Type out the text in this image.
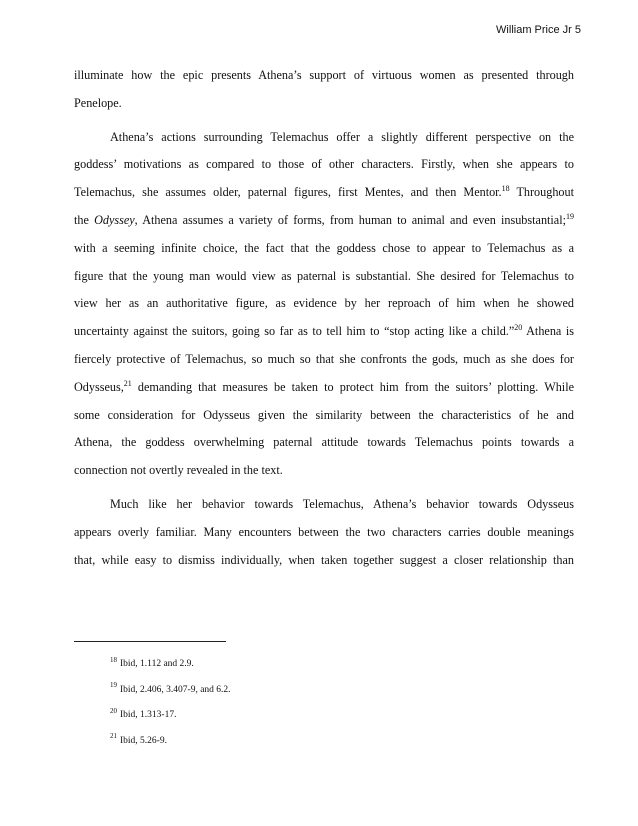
William Price Jr 5
illuminate how the epic presents Athena’s support of virtuous women as presented through
Penelope.
Athena’s actions surrounding Telemachus offer a slightly different perspective on the
goddess’ motivations as compared to those of other characters. Firstly, when she appears to
Telemachus, she assumes older, paternal figures, first Mentes, and then Mentor.$^{18}$ Throughout
the Odyssey, Athena assumes a variety of forms, from human to animal and even insubstantial;$^{19}$
with a seeming infinite choice, the fact that the goddess chose to appear to Telemachus as a
figure that the young man would view as paternal is substantial. She desired for Telemachus to
view her as an authoritative figure, as evidence by her reproach of him when he showed
uncertainty against the suitors, going so far as to tell him to “stop acting like a child.”$^{20}$ Athena is
fiercely protective of Telemachus, so much so that she confronts the gods, much as she does for
Odysseus,$^{21}$ demanding that measures be taken to protect him from the suitors’ plotting. While
some consideration for Odysseus given the similarity between the characteristics of he and
Athena, the goddess overwhelming paternal attitude towards Telemachus points towards a
connection not overtly revealed in the text.
Much like her behavior towards Telemachus, Athena’s behavior towards Odysseus
appears overly familiar. Many encounters between the two characters carries double meanings
that, while easy to dismiss individually, when taken together suggest a closer relationship than
$^{18}$ Ibid, 1.112 and 2.9.
$^{19}$ Ibid, 2.406, 3.407-9, and 6.2.
$^{20}$ Ibid, 1.313-17.
$^{21}$ Ibid, 5.26-9.
